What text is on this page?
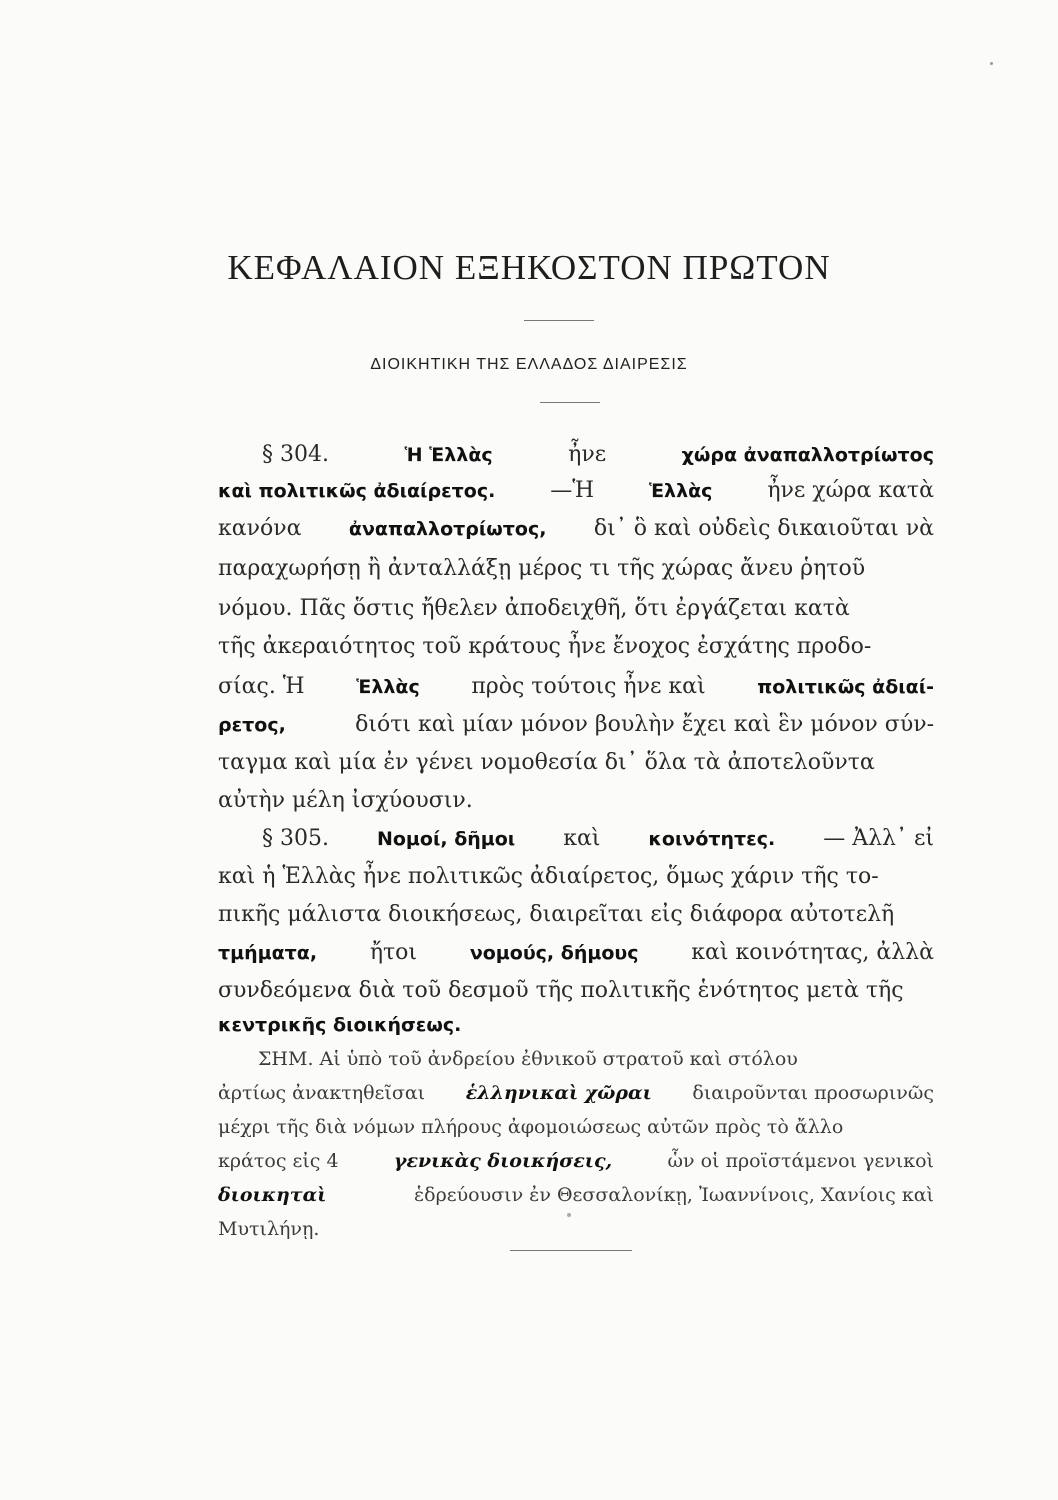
ΚΕΦΑΛΑΙΟΝ ΕΞΗΚΟΣΤΟΝ ΠΡΩΤΟΝ
ΔΙΟΙΚΗΤΙΚΗ ΤΗΣ ΕΛΛΑΔΟΣ ΔΙΑΙΡΕΣΙΣ
§ 304.	Ἡ Ἑλλὰς	ἦνε	χώρα ἀναπαλλοτρίωτος
καὶ πολιτικῶς ἀδιαίρετος. —Ἡ	Ἑλλὰς ἦνε χώρα κατὰ
κανόνα ἀναπαλλοτρίωτος, δι᾽ ὃ καὶ οὐδεὶς δικαιοῦται νὰ
παραχωρήσῃ ἢ ἀνταλλάξῃ μέρος τι τῆς χώρας ἄνευ ῥητοῦ
νόμου. Πᾶς ὅστις ἤθελεν ἀποδειχθῆ, ὅτι ἐργάζεται κατὰ
τῆς ἀκεραιότητος τοῦ κράτους ἦνε ἔνοχος ἐσχάτης προδο-
σίας. Ἡ	Ἑλλὰς πρὸς τούτοις ἦνε καὶ	πολιτικῶς ἀδιαί-
ρετος,	διότι καὶ μίαν μόνον βουλὴν ἔχει καὶ ἓν μόνον σύν-
ταγμα καὶ μία ἐν γένει νομοθεσία δι᾽ ὅλα τὰ ἀποτελοῦντα
αὐτὴν μέλη ἰσχύουσιν.
§ 305.	Νομοί, δῆμοι καὶ	κοινότητες. — Ἀλλ᾽ εἰ
καὶ ἡ Ἑλλὰς ἦνε πολιτικῶς ἀδιαίρετος, ὅμως χάριν τῆς το-
πικῆς μάλιστα διοικήσεως, διαιρεῖται εἰς διάφορα αὐτοτελῆ
τμήματα, ἤτοι	νομούς, δήμους καὶ κοινότητας, ἀλλὰ
συνδεόμενα διὰ τοῦ δεσμοῦ τῆς πολιτικῆς ἑνότητος μετὰ τῆς
κεντρικῆς διοικήσεως.
ΣΗΜ. Αἱ ὑπὸ τοῦ ἀνδρείου ἐθνικοῦ στρατοῦ καὶ στόλου
ἀρτίως ἀνακτηθεῖσαι ἑλληνικαὶ χῶραι διαιροῦνται προσωρινῶς
μέχρι τῆς διὰ νόμων πλήρους ἀφομοιώσεως αὐτῶν πρὸς τὸ ἄλλο
κράτος εἰς 4	γενικὰς διοικήσεις,	ὧν οἱ προϊστάμενοι γενικοὶ
διοικηταὶ	ἑδρεύουσιν ἐν Θεσσαλονίκῃ, Ἰωαννίνοις, Χανίοις καὶ
Μυτιλήνῃ.
